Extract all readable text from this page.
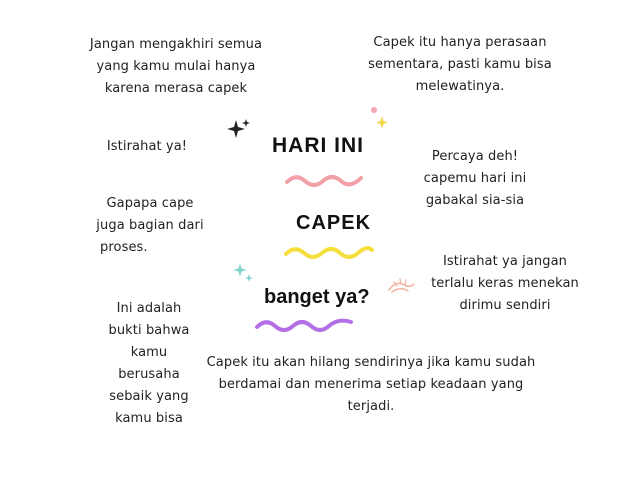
Jangan mengakhiri semua
yang kamu mulai hanya
karena merasa capek
Istirahat ya!
Gapapa cape
juga bagian dari
proses.
Ini adalah
bukti bahwa
kamu
berusaha
sebaik yang
kamu bisa
Capek itu hanya perasaan
sementara, pasti kamu bisa
melewatinya.
Percaya deh!
capemu hari ini
gabakal sia-sia
Istirahat ya jangan
terlalu keras menekan
dirimu sendiri
Capek itu akan hilang sendirinya jika kamu sudah
berdamai dan menerima setiap keadaan yang
terjadi.
HARI INI
CAPEK
banget ya?
